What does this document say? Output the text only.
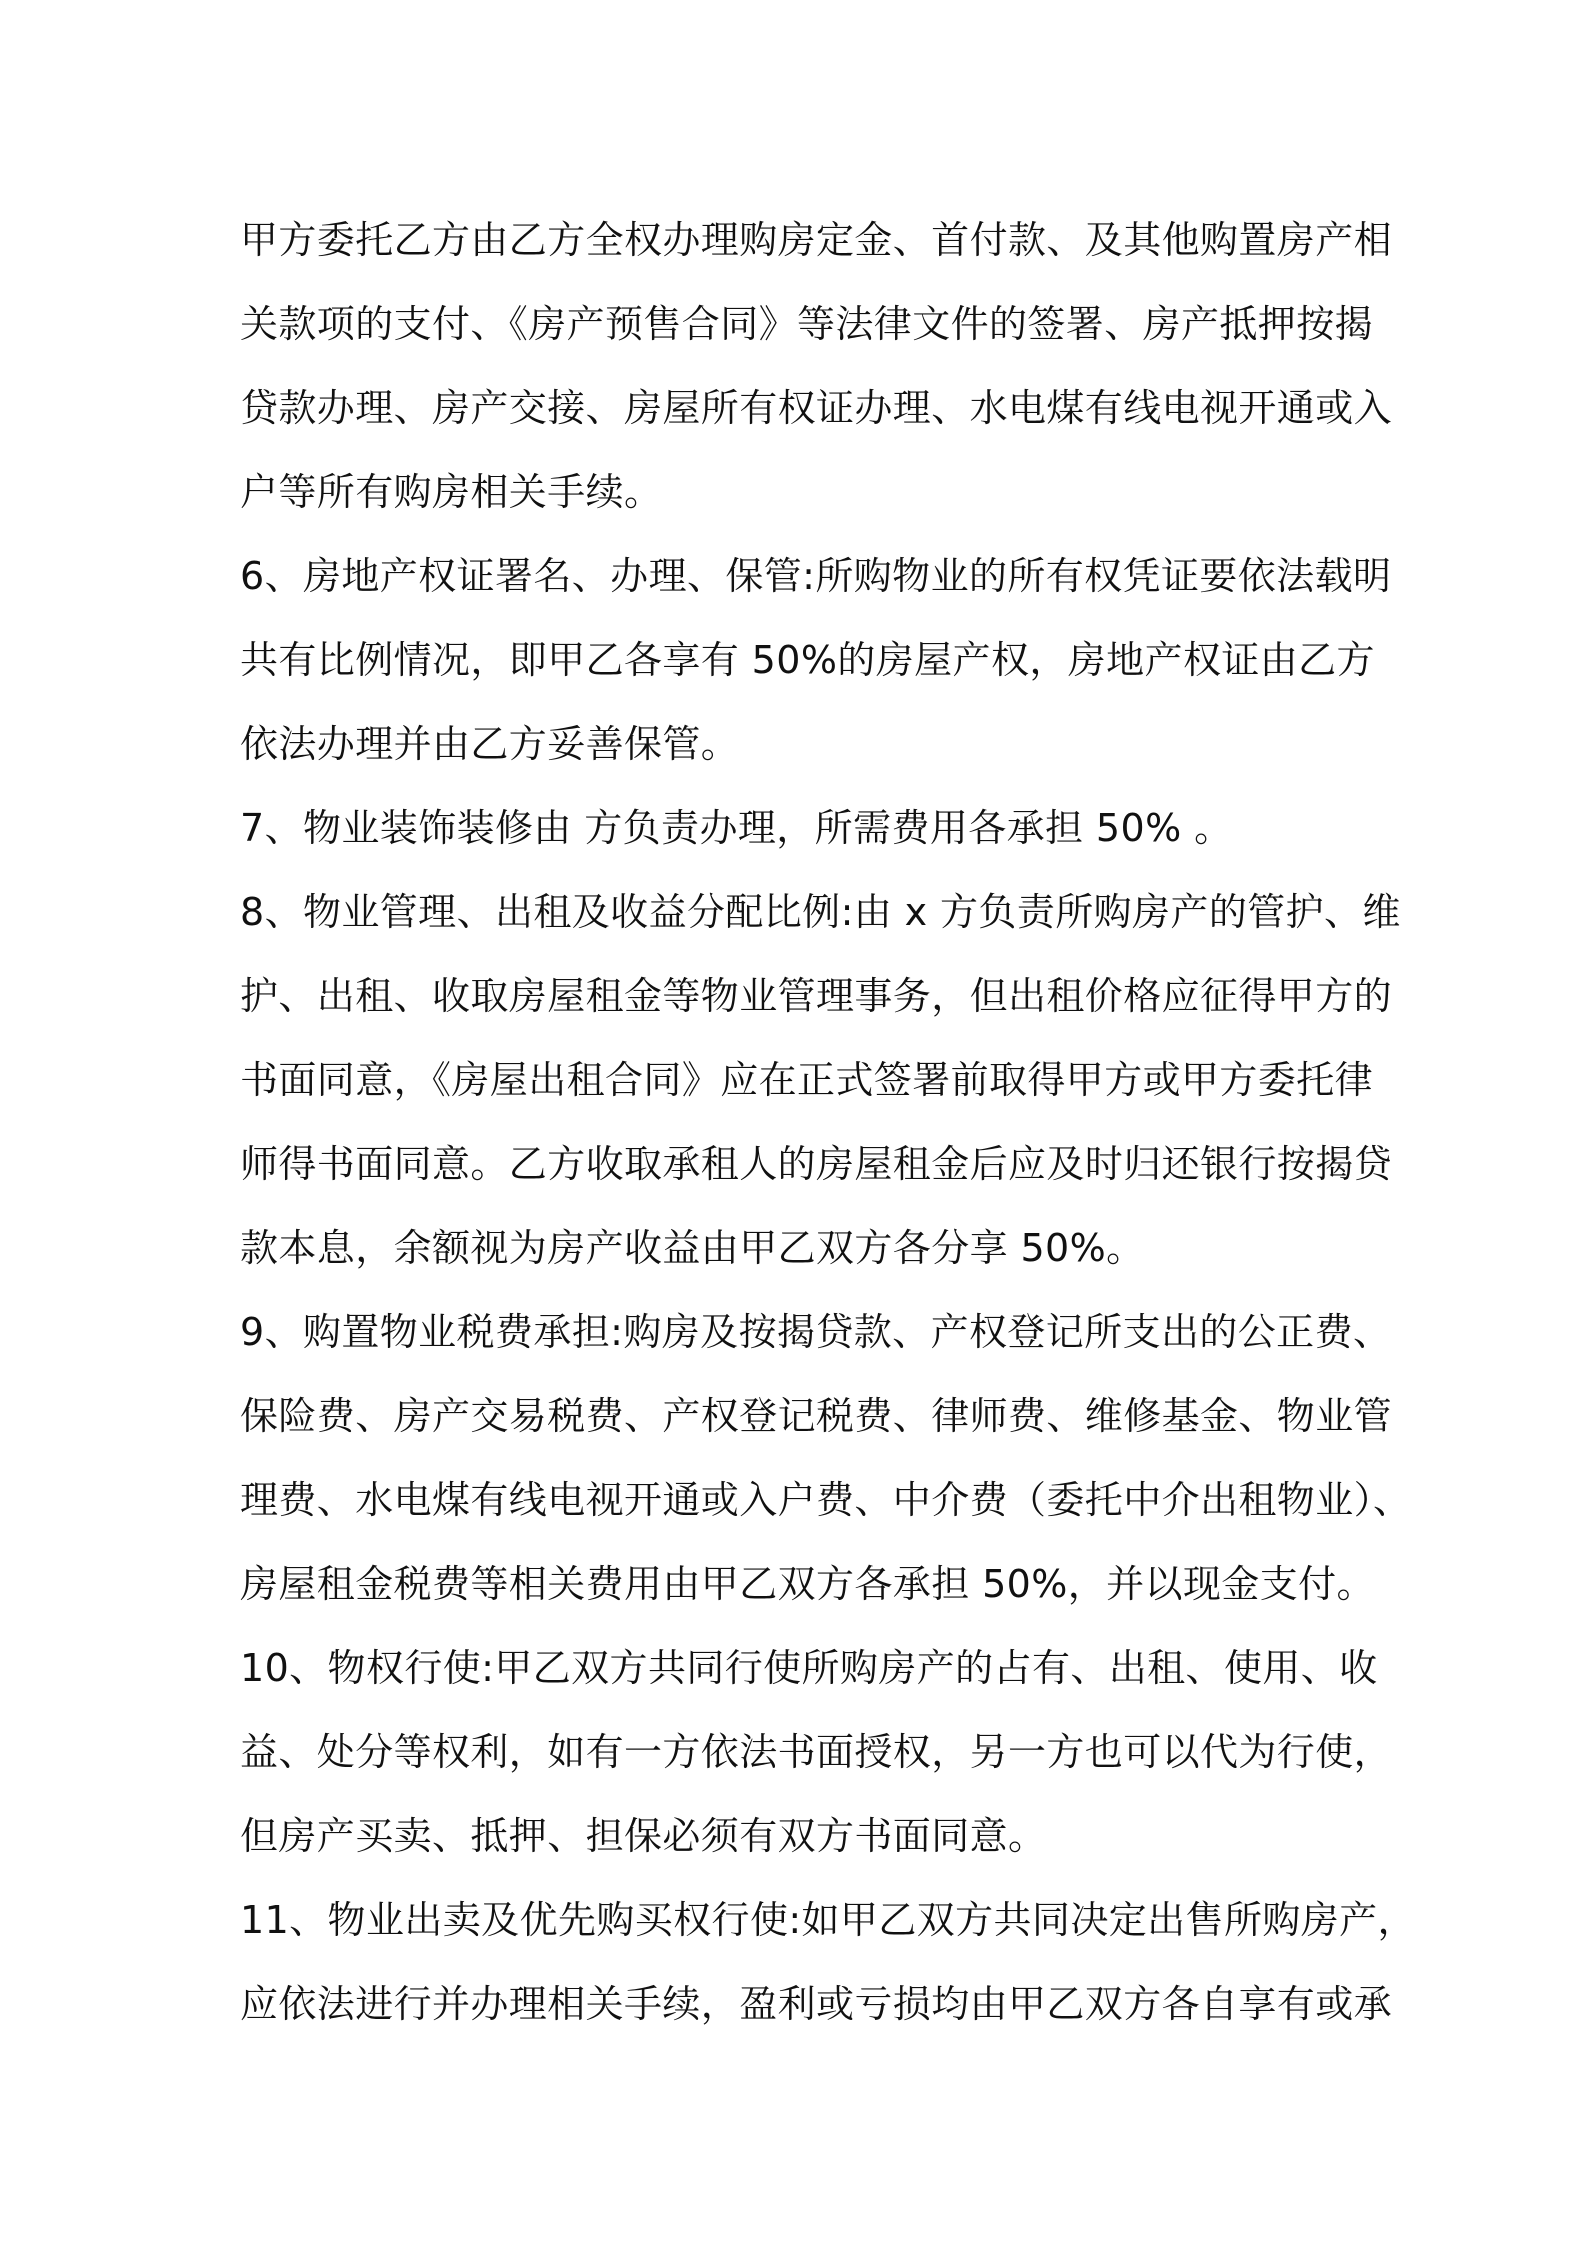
甲方委托乙方由乙方全权办理购房定金、首付款、及其他购置房产相
关款项的支付、《房产预售合同》等法律文件的签署、房产抵押按揭
贷款办理、房产交接、房屋所有权证办理、水电煤有线电视开通或入
户等所有购房相关手续。
6、房地产权证署名、办理、保管:所购物业的所有权凭证要依法载明
共有比例情况，即甲乙各享有 50%的房屋产权，房地产权证由乙方
依法办理并由乙方妥善保管。
7、物业装饰装修由 方负责办理，所需费用各承担 50% 。
8、物业管理、出租及收益分配比例:由 x 方负责所购房产的管护、维
护、出租、收取房屋租金等物业管理事务，但出租价格应征得甲方的
书面同意，《房屋出租合同》应在正式签署前取得甲方或甲方委托律
师得书面同意。乙方收取承租人的房屋租金后应及时归还银行按揭贷
款本息，余额视为房产收益由甲乙双方各分享 50%。
9、购置物业税费承担:购房及按揭贷款、产权登记所支出的公正费、
保险费、房产交易税费、产权登记税费、律师费、维修基金、物业管
理费、水电煤有线电视开通或入户费、中介费（委托中介出租物业）、
房屋租金税费等相关费用由甲乙双方各承担 50%，并以现金支付。
10、物权行使:甲乙双方共同行使所购房产的占有、出租、使用、收
益、处分等权利，如有一方依法书面授权，另一方也可以代为行使，
但房产买卖、抵押、担保必须有双方书面同意。
11、物业出卖及优先购买权行使:如甲乙双方共同决定出售所购房产，
应依法进行并办理相关手续，盈利或亏损均由甲乙双方各自享有或承
